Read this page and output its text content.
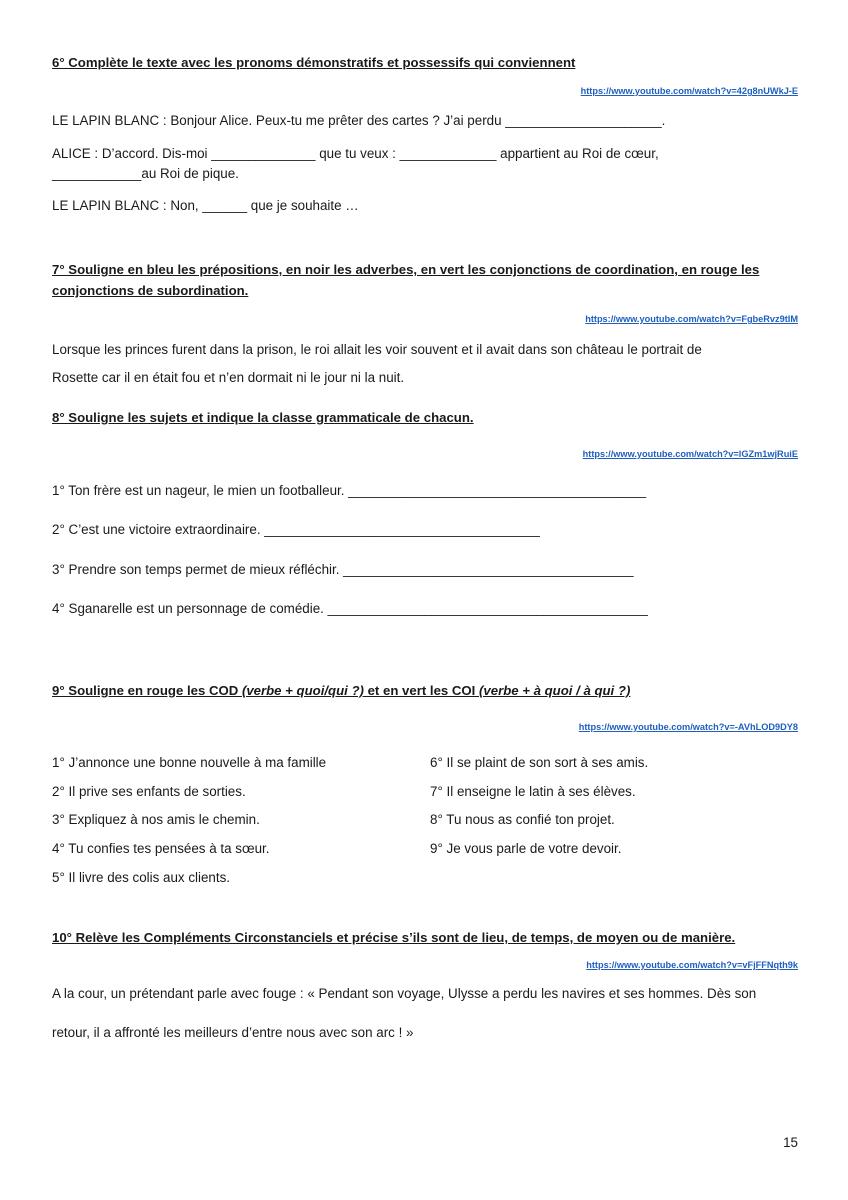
6° Complète le texte avec les pronoms démonstratifs et possessifs qui conviennent
https://www.youtube.com/watch?v=42g8nUWkJ-E
LE LAPIN BLANC : Bonjour Alice. Peux-tu me prêter des cartes ? J’ai perdu _____________________.
ALICE : D’accord. Dis-moi ______________ que tu veux : _____________ appartient au Roi de cœur,
____________au Roi de pique.
LE LAPIN BLANC : Non, ______ que je souhaite …
7° Souligne en bleu les prépositions, en noir les adverbes, en vert les conjonctions de coordination, en rouge les
conjonctions de subordination.
https://www.youtube.com/watch?v=FgbeRvz9tIM
Lorsque les princes furent dans la prison, le roi allait les voir souvent et il avait dans son château le portrait de
Rosette car il en était fou et n’en dormait ni le jour ni la nuit.
8° Souligne les sujets et indique la classe grammaticale de chacun.
https://www.youtube.com/watch?v=lGZm1wjRuiE
1° Ton frère est un nageur, le mien un footballeur. ________________________________________
2° C’est une victoire extraordinaire. _____________________________________
3° Prendre son temps permet de mieux réfléchir. _______________________________________
4° Sganarelle est un personnage de comédie. ___________________________________________
9° Souligne en rouge les COD (verbe + quoi/qui ?) et en vert les COI (verbe + à quoi / à qui ?)
https://www.youtube.com/watch?v=-AVhLOD9DY8
1° J’annonce une bonne nouvelle à ma famille
2° Il prive ses enfants de sorties.
3° Expliquez à nos amis le chemin.
4° Tu confies tes pensées à ta sœur.
5° Il livre des colis aux clients.
6° Il se plaint de son sort à ses amis.
7° Il enseigne le latin à ses élèves.
8° Tu nous as confié ton projet.
9° Je vous parle de votre devoir.
10° Relève les Compléments Circonstanciels et précise s’ils sont de lieu, de temps, de moyen ou de manière.
https://www.youtube.com/watch?v=vFjFFNqth9k
A la cour, un prétendant parle avec fouge : « Pendant son voyage, Ulysse a perdu les navires et ses hommes. Dès son
retour, il a affronté les meilleurs d’entre nous avec son arc ! »
15
